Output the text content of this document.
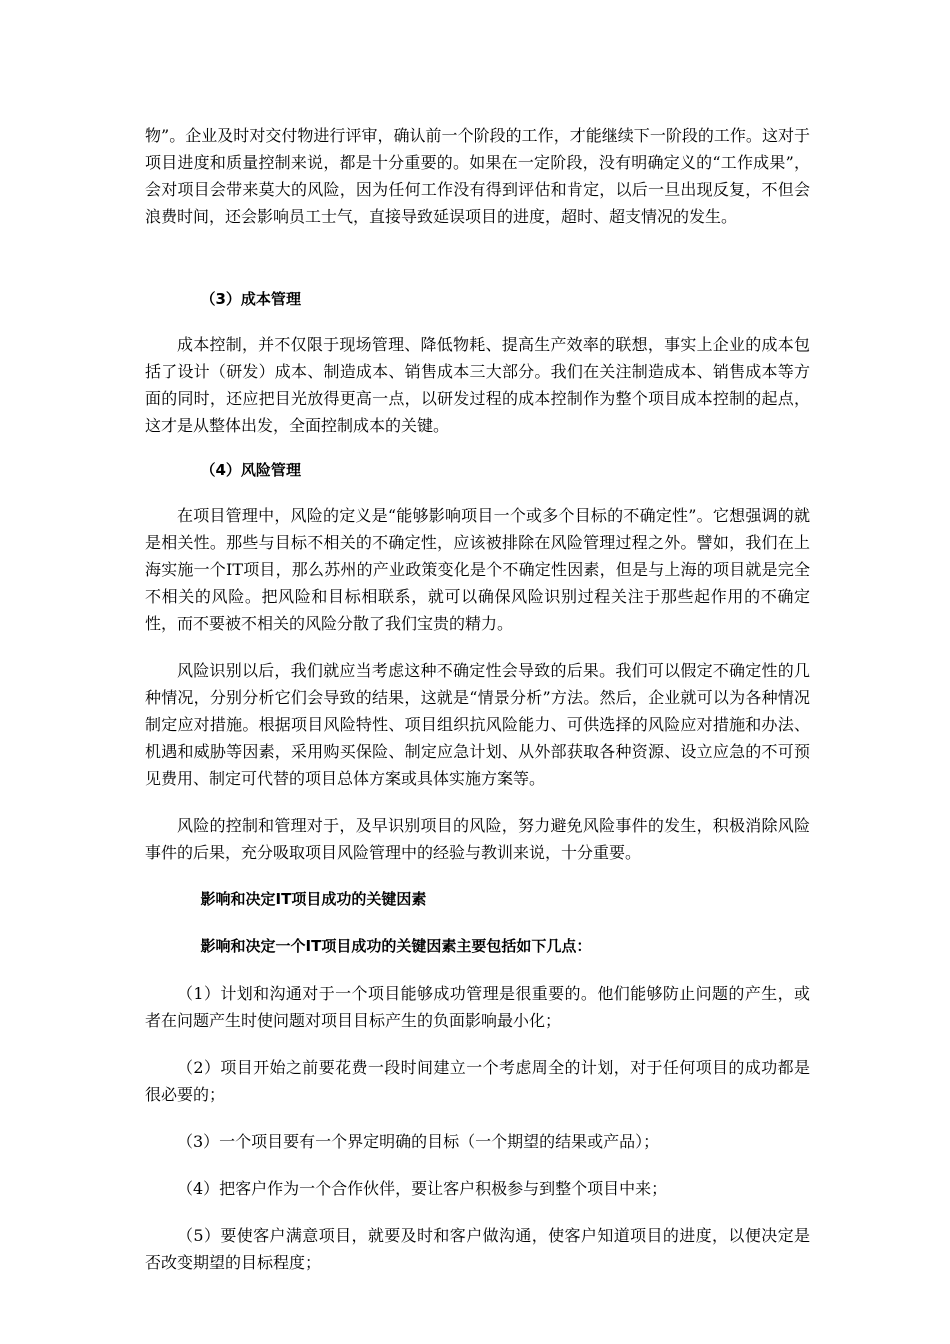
物”。企业及时对交付物进行评审，确认前一个阶段的工作，才能继续下一阶段的工作。这对于项目进度和质量控制来说，都是十分重要的。如果在一定阶段，没有明确定义的“工作成果”，会对项目会带来莫大的风险，因为任何工作没有得到评估和肯定，以后一旦出现反复，不但会浪费时间，还会影响员工士气，直接导致延误项目的进度，超时、超支情况的发生。

（3）成本管理

成本控制，并不仅限于现场管理、降低物耗、提高生产效率的联想，事实上企业的成本包括了设计（研发）成本、制造成本、销售成本三大部分。我们在关注制造成本、销售成本等方面的同时，还应把目光放得更高一点，以研发过程的成本控制作为整个项目成本控制的起点，这才是从整体出发，全面控制成本的关键。

（4）风险管理

在项目管理中，风险的定义是“能够影响项目一个或多个目标的不确定性”。它想强调的就是相关性。那些与目标不相关的不确定性，应该被排除在风险管理过程之外。譬如，我们在上海实施一个IT项目，那么苏州的产业政策变化是个不确定性因素，但是与上海的项目就是完全不相关的风险。把风险和目标相联系，就可以确保风险识别过程关注于那些起作用的不确定性，而不要被不相关的风险分散了我们宝贵的精力。

风险识别以后，我们就应当考虑这种不确定性会导致的后果。我们可以假定不确定性的几种情况，分别分析它们会导致的结果，这就是“情景分析”方法。然后，企业就可以为各种情况制定应对措施。根据项目风险特性、项目组织抗风险能力、可供选择的风险应对措施和办法、机遇和威胁等因素，采用购买保险、制定应急计划、从外部获取各种资源、设立应急的不可预见费用、制定可代替的项目总体方案或具体实施方案等。

风险的控制和管理对于，及早识别项目的风险，努力避免风险事件的发生，积极消除风险事件的后果，充分吸取项目风险管理中的经验与教训来说，十分重要。

影响和决定IT项目成功的关键因素

影响和决定一个IT项目成功的关键因素主要包括如下几点：

（1）计划和沟通对于一个项目能够成功管理是很重要的。他们能够防止问题的产生，或者在问题产生时使问题对项目目标产生的负面影响最小化；

（2）项目开始之前要花费一段时间建立一个考虑周全的计划，对于任何项目的成功都是很必要的；

（3）一个项目要有一个界定明确的目标（一个期望的结果或产品）；

（4）把客户作为一个合作伙伴，要让客户积极参与到整个项目中来；

（5）要使客户满意项目，就要及时和客户做沟通，使客户知道项目的进度，以便决定是否改变期望的目标程度；
